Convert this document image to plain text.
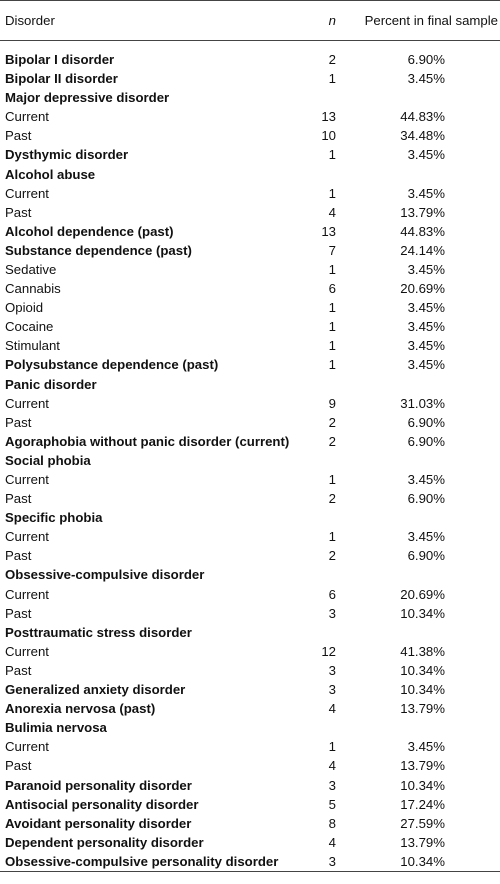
Disorder	n	Percent in final sample
Bipolar I disorder	2	6.90%
Bipolar II disorder	1	3.45%
Major depressive disorder		
Current	13	44.83%
Past	10	34.48%
Dysthymic disorder	1	3.45%
Alcohol abuse		
Current	1	3.45%
Past	4	13.79%
Alcohol dependence (past)	13	44.83%
Substance dependence (past)	7	24.14%
Sedative	1	3.45%
Cannabis	6	20.69%
Opioid	1	3.45%
Cocaine	1	3.45%
Stimulant	1	3.45%
Polysubstance dependence (past)	1	3.45%
Panic disorder		
Current	9	31.03%
Past	2	6.90%
Agoraphobia without panic disorder (current)	2	6.90%
Social phobia		
Current	1	3.45%
Past	2	6.90%
Specific phobia		
Current	1	3.45%
Past	2	6.90%
Obsessive-compulsive disorder		
Current	6	20.69%
Past	3	10.34%
Posttraumatic stress disorder		
Current	12	41.38%
Past	3	10.34%
Generalized anxiety disorder	3	10.34%
Anorexia nervosa (past)	4	13.79%
Bulimia nervosa		
Current	1	3.45%
Past	4	13.79%
Paranoid personality disorder	3	10.34%
Antisocial personality disorder	5	17.24%
Avoidant personality disorder	8	27.59%
Dependent personality disorder	4	13.79%
Obsessive-compulsive personality disorder	3	10.34%
